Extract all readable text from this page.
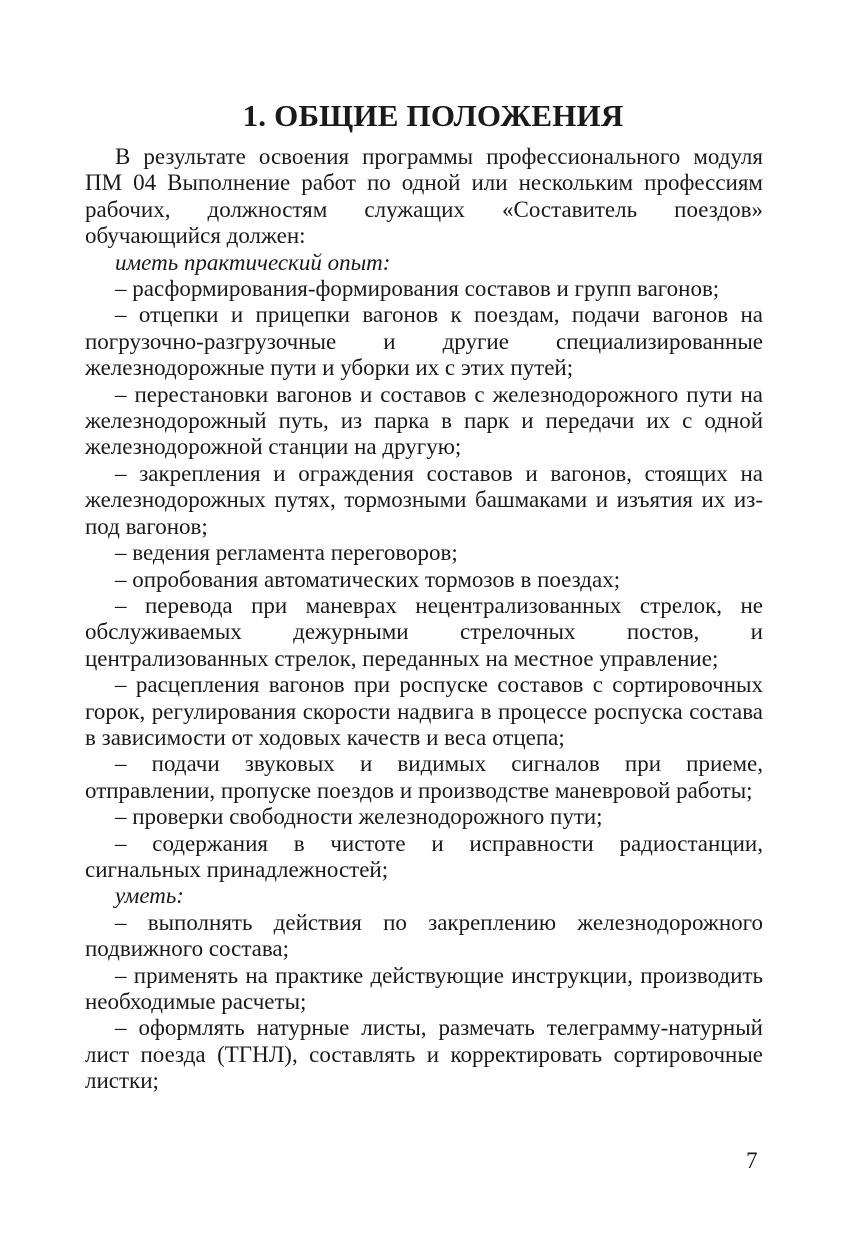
1. ОБЩИЕ ПОЛОЖЕНИЯ

В результате освоения программы профессионального модуля ПМ 04 Выполнение работ по одной или нескольким профессиям рабочих, должностям служащих «Составитель поездов» обучающийся должен:

иметь практический опыт:

– расформирования-формирования составов и групп вагонов;

– отцепки и прицепки вагонов к поездам, подачи вагонов на погрузочно-разгрузочные и другие специализированные железнодорожные пути и уборки их с этих путей;

– перестановки вагонов и составов с железнодорожного пути на железнодорожный путь, из парка в парк и передачи их с одной железнодорожной станции на другую;

– закрепления и ограждения составов и вагонов, стоящих на железнодорожных путях, тормозными башмаками и изъятия их из-под вагонов;

– ведения регламента переговоров;

– опробования автоматических тормозов в поездах;

– перевода при маневрах нецентрализованных стрелок, не обслуживаемых дежурными стрелочных постов, и централизованных стрелок, переданных на местное управление;

– расцепления вагонов при роспуске составов с сортировочных горок, регулирования скорости надвига в процессе роспуска состава в зависимости от ходовых качеств и веса отцепа;

– подачи звуковых и видимых сигналов при приеме, отправлении, пропуске поездов и производстве маневровой работы;

– проверки свободности железнодорожного пути;

– содержания в чистоте и исправности радиостанции, сигнальных принадлежностей;

уметь:

– выполнять действия по закреплению железнодорожного подвижного состава;

– применять на практике действующие инструкции, производить необходимые расчеты;

– оформлять натурные листы, размечать телеграмму-натурный лист поезда (ТГНЛ), составлять и корректировать сортировочные листки;

7
